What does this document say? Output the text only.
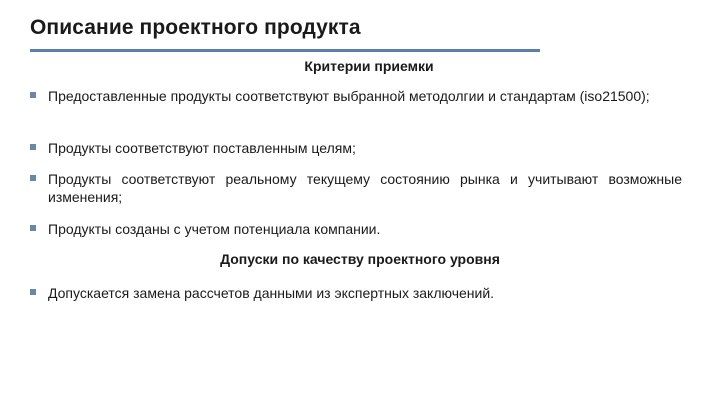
Описание проектного продукта
Критерии приемки
Предоставленные продукты соответствуют выбранной методолгии и стандартам (iso21500);
Продукты соответствуют поставленным целям;
Продукты соответствуют реальному текущему состоянию рынка и учитывают возможные изменения;
Продукты созданы с учетом потенциала компании.
Допуски по качеству проектного уровня
Допускается замена рассчетов данными из экспертных заключений.
